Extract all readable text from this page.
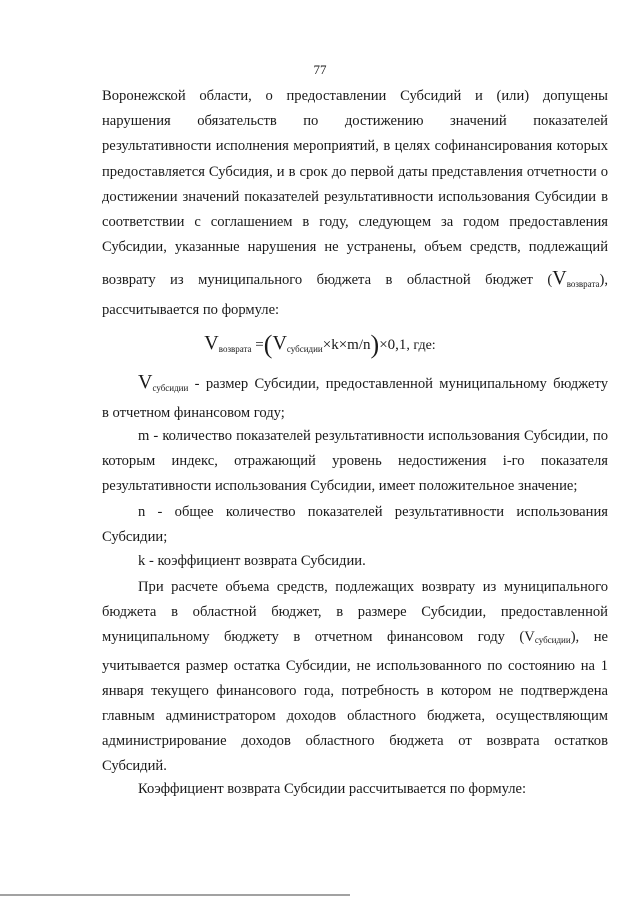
77

Воронежской области, о предоставлении Субсидий и (или) допущены

нарушения обязательств по достижению значений показателей

результативности исполнения мероприятий, в целях софинансирования которых

предоставляется Субсидия, и в срок до первой даты представления отчетности о

достижении значений показателей результативности использования Субсидии в

соответствии с соглашением в году, следующем за годом предоставления

Субсидии, указанные нарушения не устранены, объем средств, подлежащий

возврату из муниципального бюджета в областной бюджет $(V_{возврата})$,

рассчитывается по формуле:

$V_{возврата} =(V_{субсидии}\times k\times m/n)\times 0,1$, где:

$V_{субсидии}$ - размер Субсидии, предоставленной муниципальному бюджету

в отчетном финансовом году;

m - количество показателей результативности использования Субсидии, по которым индекс, отражающий уровень недостижения i-го показателя результативности использования Субсидии, имеет положительное значение;

n - общее количество показателей результативности использования Субсидии;

k - коэффициент возврата Субсидии.

При расчете объема средств, подлежащих возврату из муниципального бюджета в областной бюджет, в размере Субсидии, предоставленной муниципальному бюджету в отчетном финансовом году $(V_{субсидии})$, не учитывается размер остатка Субсидии, не использованного по состоянию на 1 января текущего финансового года, потребность в котором не подтверждена главным администратором доходов областного бюджета, осуществляющим администрирование доходов областного бюджета от возврата остатков Субсидий.

Коэффициент возврата Субсидии рассчитывается по формуле:
